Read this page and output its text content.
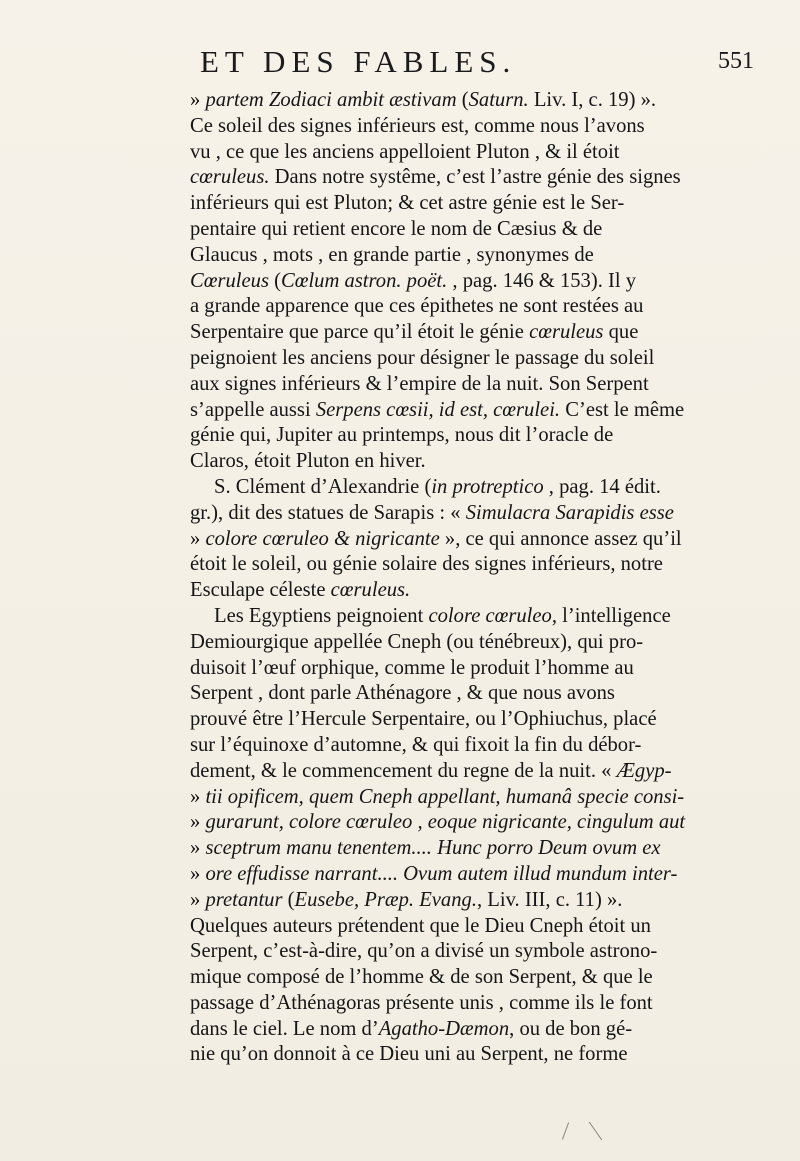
ET DES FABLES.	551
» partem Zodiaci ambit æstivam (Saturn. Liv. I, c. 19) ».
Ce soleil des signes inférieurs est, comme nous l’avons
vu , ce que les anciens appelloient Pluton , & il étoit
cœruleus. Dans notre systême, c’est l’astre génie des signes
inférieurs qui est Pluton; & cet astre génie est le Ser-
pentaire qui retient encore le nom de Cæsius & de
Glaucus , mots , en grande partie , synonymes de
Cœruleus (Cœlum astron. poët. , pag. 146 & 153). Il y
a grande apparence que ces épithetes ne sont restées au
Serpentaire que parce qu’il étoit le génie cœruleus que
peignoient les anciens pour désigner le passage du soleil
aux signes inférieurs & l’empire de la nuit. Son Serpent
s’appelle aussi Serpens cœsii, id est, cœrulei. C’est le même
génie qui, Jupiter au printemps, nous dit l’oracle de
Claros, étoit Pluton en hiver.
S. Clément d’Alexandrie (in protreptico , pag. 14 édit.
gr.), dit des statues de Sarapis : « Simulacra Sarapidis esse
» colore cœruleo & nigricante », ce qui annonce assez qu’il
étoit le soleil, ou génie solaire des signes inférieurs, notre
Esculape céleste cœruleus.
Les Egyptiens peignoient colore cœruleo, l’intelligence
Demiourgique appellée Cneph (ou ténébreux), qui pro-
duisoit l’œuf orphique, comme le produit l’homme au
Serpent , dont parle Athénagore , & que nous avons
prouvé être l’Hercule Serpentaire, ou l’Ophiuchus, placé
sur l’équinoxe d’automne, & qui fixoit la fin du débor-
dement, & le commencement du regne de la nuit. « Ægyp-
» tii opificem, quem Cneph appellant, humanâ specie consi-
» gurarunt, colore cœruleo , eoque nigricante, cingulum aut
» sceptrum manu tenentem.... Hunc porro Deum ovum ex
» ore effudisse narrant.... Ovum autem illud mundum inter-
» pretantur (Eusebe, Præp. Evang., Liv. III, c. 11) ».
Quelques auteurs prétendent que le Dieu Cneph étoit un
Serpent, c’est-à-dire, qu’on a divisé un symbole astrono-
mique composé de l’homme & de son Serpent, & que le
passage d’Athénagoras présente unis , comme ils le font
dans le ciel. Le nom d’Agatho-Dæmon, ou de bon gé-
nie qu’on donnoit à ce Dieu uni au Serpent, ne forme
